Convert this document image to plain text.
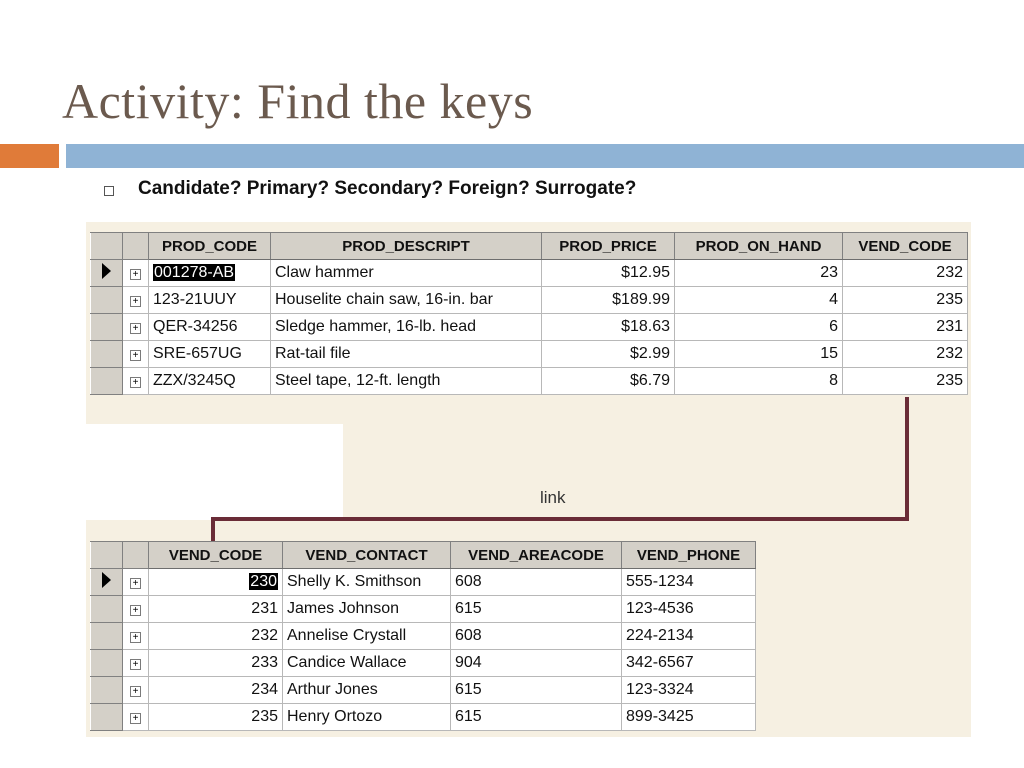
Activity: Find the keys
Candidate? Primary? Secondary? Foreign? Surrogate?
link
		PROD_CODE	PROD_DESCRIPT	PROD_PRICE	PROD_ON_HAND	VEND_CODE
	+	001278-AB	Claw hammer	$12.95	23	232
	+	123-21UUY	Houselite chain saw, 16-in. bar	$189.99	4	235
	+	QER-34256	Sledge hammer, 16-lb. head	$18.63	6	231
	+	SRE-657UG	Rat-tail file	$2.99	15	232
	+	ZZX/3245Q	Steel tape, 12-ft. length	$6.79	8	235
		VEND_CODE	VEND_CONTACT	VEND_AREACODE	VEND_PHONE
	+	230	Shelly K. Smithson	608	555-1234
	+	231	James Johnson	615	123-4536
	+	232	Annelise Crystall	608	224-2134
	+	233	Candice Wallace	904	342-6567
	+	234	Arthur Jones	615	123-3324
	+	235	Henry Ortozo	615	899-3425
